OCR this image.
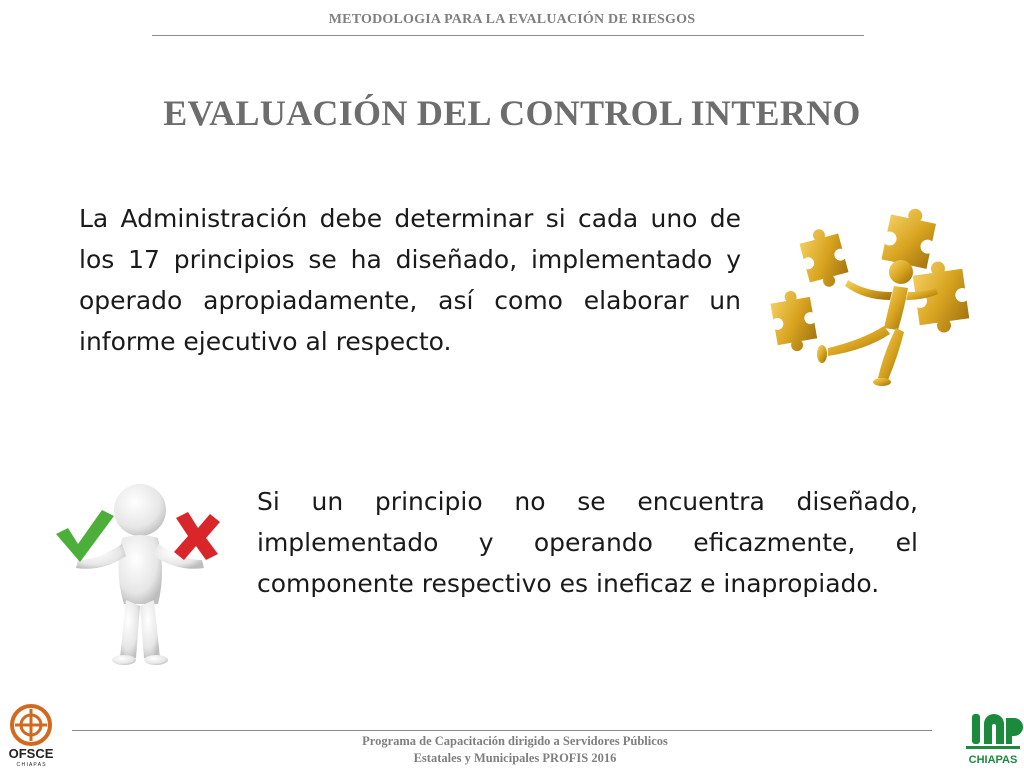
METODOLOGIA PARA LA EVALUACIÓN DE RIESGOS
EVALUACIÓN DEL CONTROL INTERNO
La Administración debe determinar si cada uno de los 17 principios se ha diseñado, implementado y operado apropiadamente, así como elaborar un informe ejecutivo al respecto.
Si un principio no se encuentra diseñado, implementado y operando eficazmente, el componente respectivo es ineficaz e inapropiado.
Programa de Capacitación dirigido a Servidores Públicos
Estatales y Municipales PROFIS 2016
OFSCE
C H I A P A S	CHIAPAS
